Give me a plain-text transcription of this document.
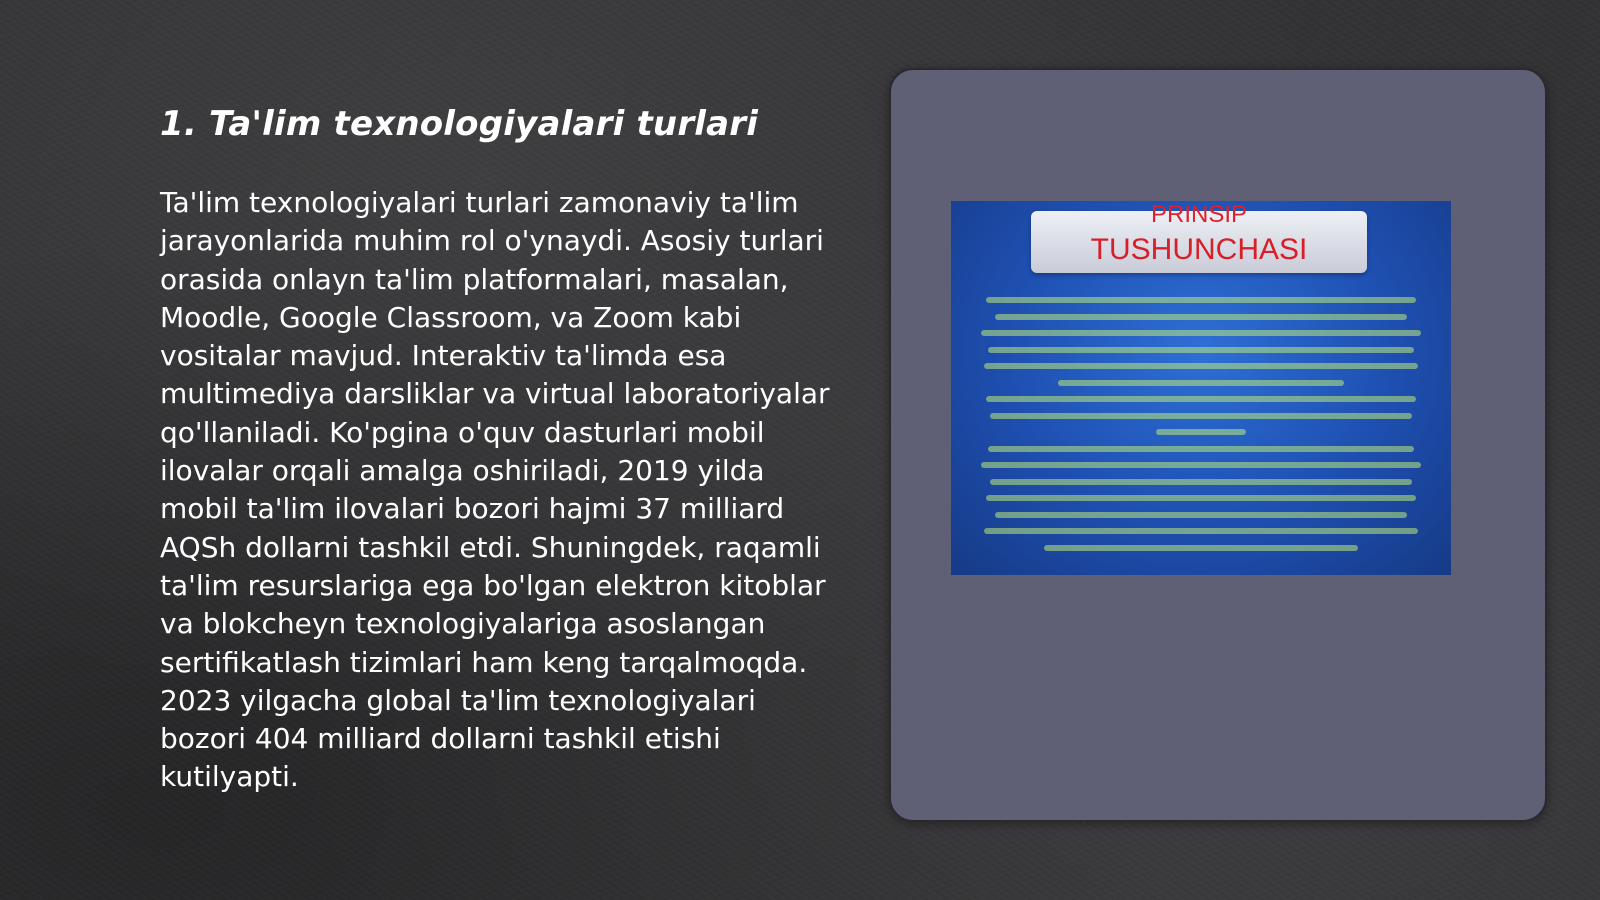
1. Ta'lim texnologiyalari turlari

Ta'lim texnologiyalari turlari zamonaviy ta'lim jarayonlarida muhim rol o'ynaydi. Asosiy turlari orasida onlayn ta'lim platformalari, masalan, Moodle, Google Classroom, va Zoom kabi vositalar mavjud. Interaktiv ta'limda esa multimediya darsliklar va virtual laboratoriyalar qo'llaniladi. Ko'pgina o'quv dasturlari mobil ilovalar orqali amalga oshiriladi, 2019 yilda mobil ta'lim ilovalari bozori hajmi 37 milliard AQSh dollarni tashkil etdi. Shuningdek, raqamli ta'lim resurslariga ega bo'lgan elektron kitoblar va blokcheyn texnologiyalariga asoslangan sertifikatlash tizimlari ham keng tarqalmoqda. 2023 yilgacha global ta'lim texnologiyalari bozori 404 milliard dollarni tashkil etishi kutilyapti.

PRINSIP
TUSHUNCHASI
